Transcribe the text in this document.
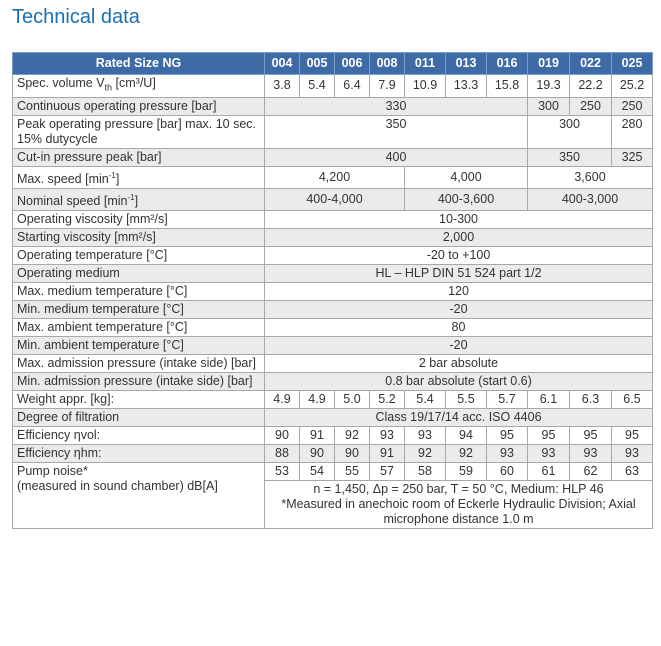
Technical data
Rated Size NG	004	005	006	008	011	013	016	019	022	025
Spec. volume $V_{th}$ [cm³/U]	3.8	5.4	6.4	7.9	10.9	13.3	15.8	19.3	22.2	25.2
Continuous operating pressure [bar]	330							300	250	250
Peak operating pressure [bar] max. 10 sec. 15% dutycycle	350							300		280
Cut-in pressure peak [bar]	400							350		325
Max. speed $[\min^{-1}]$	4,200				4,000			3,600		
Nominal speed $[\min^{-1}]$	400-4,000				400-3,600			400-3,000		
Operating viscosity [mm²/s]	10-300									
Starting viscosity [mm²/s]	2,000									
Operating temperature [°C]	-20 to +100									
Operating medium	HL – HLP DIN 51 524 part 1/2									
Max. medium temperature [°C]	120									
Min. medium temperature [°C]	-20									
Max. ambient temperature [°C]	80									
Min. ambient temperature [°C]	-20									
Max. admission pressure (intake side) [bar]	2 bar absolute									
Min. admission pressure (intake side) [bar]	0.8 bar absolute (start 0.6)									
Weight appr. [kg]:	4.9	4.9	5.0	5.2	5.4	5.5	5.7	6.1	6.3	6.5
Degree of filtration	Class 19/17/14 acc. ISO 4406									
Efficiency ηvol:	90	91	92	93	93	94	95	95	95	95
Efficiency ηhm:	88	90	90	91	92	92	93	93	93	93

Pump noise*
(measured in sound chamber) dB[A]	53	54	55	57	58	59	60	61	62	63

	n = 1,450, Δp = 250 bar, T = 50 °C, Medium: HLP 46
*Measured in anechoic room of Eckerle Hydraulic Division; Axial microphone distance 1.0 m									
